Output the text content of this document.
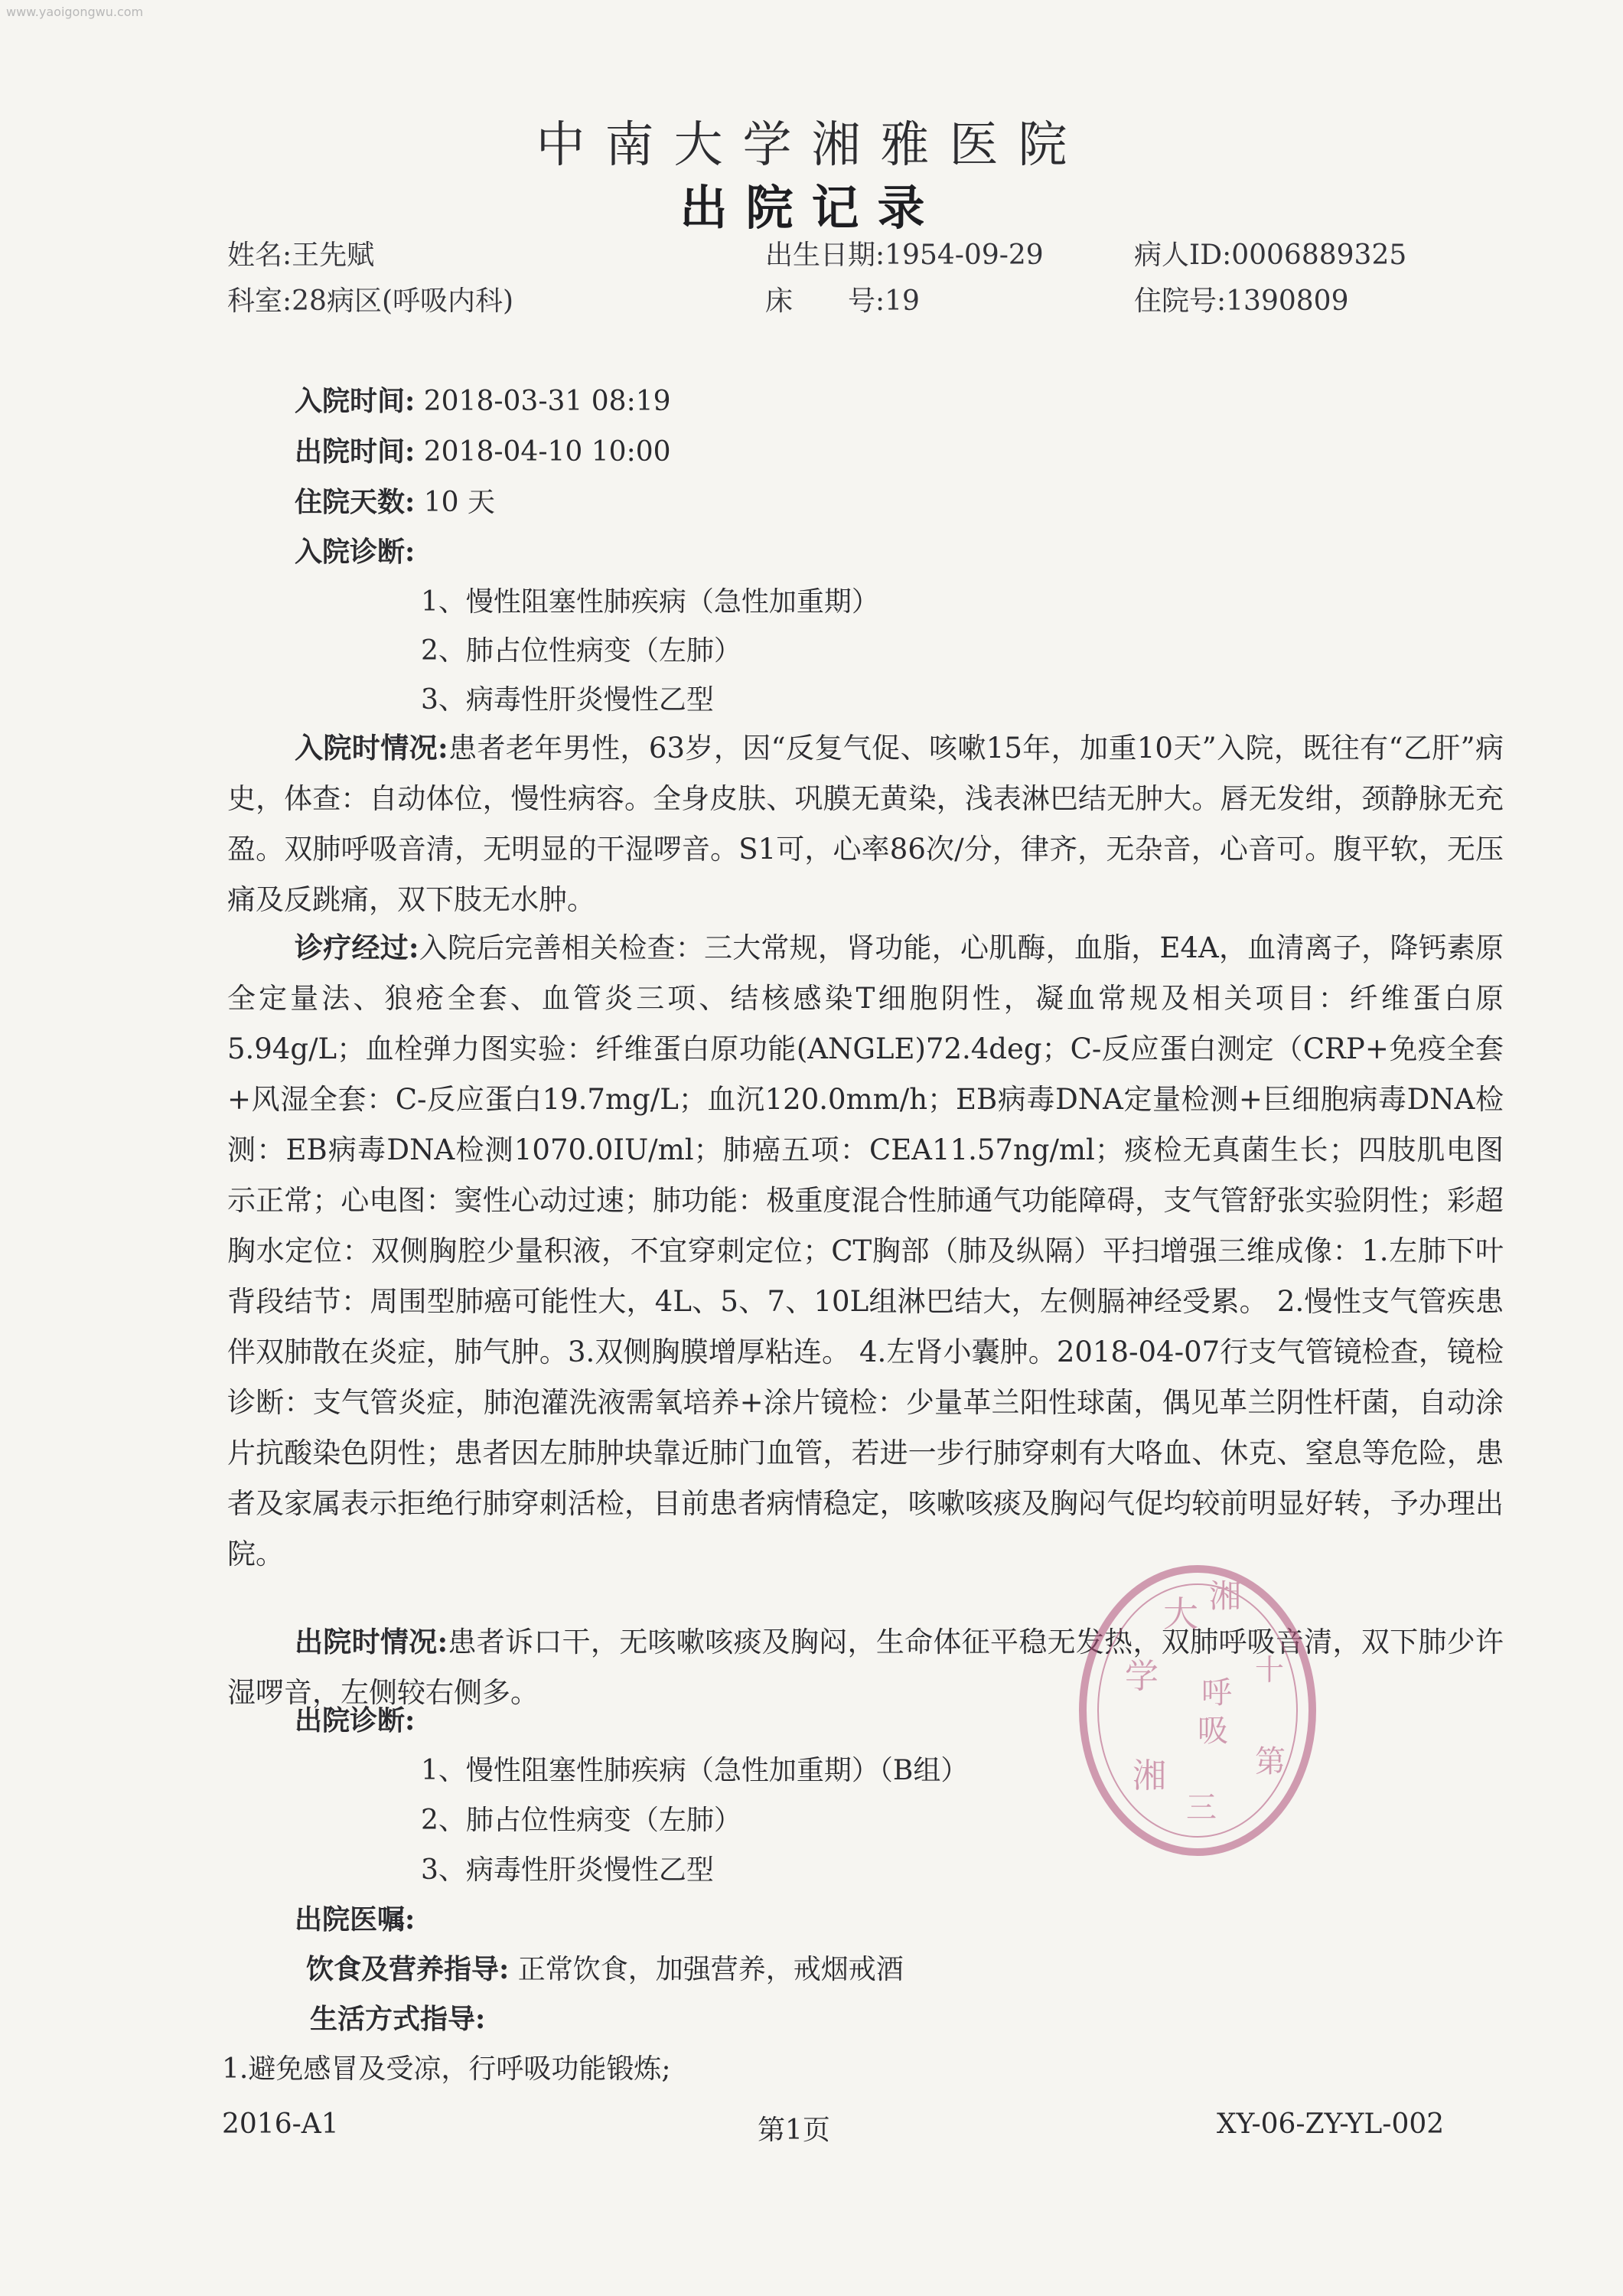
www.yaoigongwu.com
中南大学湘雅医院
出院记录
姓名:王先赋	出生日期:1954-09-29	病人ID:0006889325
科室:28病区(呼吸内科)	床　　号:19	住院号:1390809
入院时间: 2018-03-31 08:19
出院时间: 2018-04-10 10:00
住院天数: 10 天
入院诊断:
1、慢性阻塞性肺疾病（急性加重期）
2、肺占位性病变（左肺）
3、病毒性肝炎慢性乙型
入院时情况:患者老年男性，63岁，因“反复气促、咳嗽15年，加重10天”入院，既往有“乙肝”病史，体查：自动体位，慢性病容。全身皮肤、巩膜无黄染，浅表淋巴结无肿大。唇无发绀，颈静脉无充盈。双肺呼吸音清，无明显的干湿啰音。S1可，心率86次/分，律齐，无杂音，心音可。腹平软，无压痛及反跳痛，双下肢无水肿。
诊疗经过:入院后完善相关检查：三大常规，肾功能，心肌酶，血脂，E4A，血清离子，降钙素原全定量法、狼疮全套、血管炎三项、结核感染T细胞阴性，凝血常规及相关项目：纤维蛋白原5.94g/L；血栓弹力图实验：纤维蛋白原功能(ANGLE)72.4deg；C-反应蛋白测定（CRP+免疫全套+风湿全套：C-反应蛋白19.7mg/L；血沉120.0mm/h；EB病毒DNA定量检测+巨细胞病毒DNA检测：EB病毒DNA检测1070.0IU/ml；肺癌五项：CEA11.57ng/ml；痰检无真菌生长；四肢肌电图示正常；心电图：窦性心动过速；肺功能：极重度混合性肺通气功能障碍，支气管舒张实验阴性；彩超胸水定位：双侧胸腔少量积液，不宜穿刺定位；CT胸部（肺及纵隔）平扫增强三维成像：1.左肺下叶背段结节：周围型肺癌可能性大，4L、5、7、10L组淋巴结大，左侧膈神经受累。 2.慢性支气管疾患伴双肺散在炎症，肺气肿。3.双侧胸膜增厚粘连。 4.左肾小囊肿。2018-04-07行支气管镜检查，镜检诊断：支气管炎症，肺泡灌洗液需氧培养+涂片镜检：少量革兰阳性球菌，偶见革兰阴性杆菌，自动涂片抗酸染色阴性；患者因左肺肿块靠近肺门血管，若进一步行肺穿刺有大咯血、休克、窒息等危险，患者及家属表示拒绝行肺穿刺活检，目前患者病情稳定，咳嗽咳痰及胸闷气促均较前明显好转，予办理出院。
出院时情况:患者诉口干，无咳嗽咳痰及胸闷，生命体征平稳无发热，双肺呼吸音清，双下肺少许湿啰音，左侧较右侧多。
出院诊断:
1、慢性阻塞性肺疾病（急性加重期）（B组）
2、肺占位性病变（左肺）
3、病毒性肝炎慢性乙型
出院医嘱:
饮食及营养指导: 正常饮食，加强营养，戒烟戒酒
生活方式指导:
1.避免感冒及受凉，行呼吸功能锻炼;
2016-A1	第1页	XY-06-ZY-YL-002
大 湘
学 呼
吸
湘	第
十
三
